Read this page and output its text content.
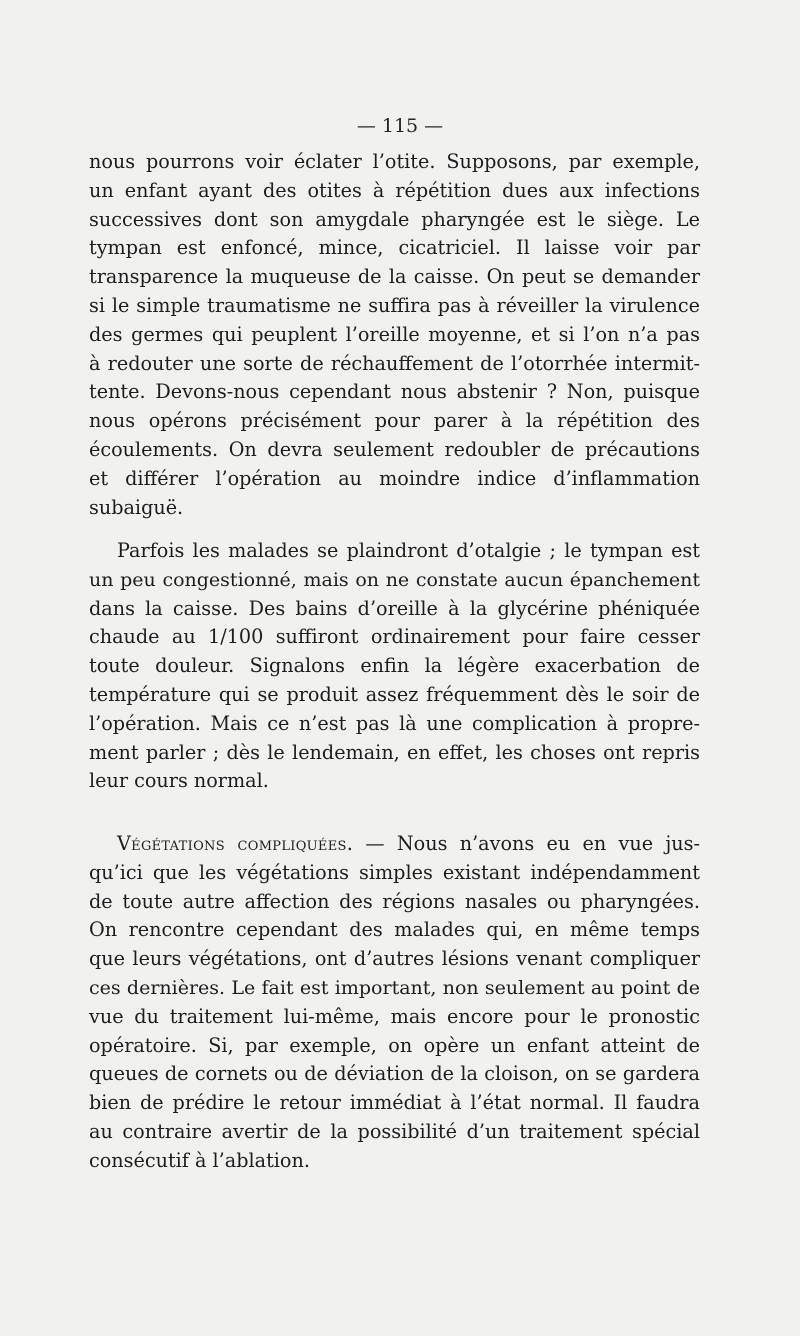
— 115 —
nous pourrons voir éclater l’otite. Supposons, par exemple,
un enfant ayant des otites à répétition dues aux infections
successives dont son amygdale pharyngée est le siège. Le
tympan est enfoncé, mince, cicatriciel. Il laisse voir par
transparence la muqueuse de la caisse. On peut se demander
si le simple traumatisme ne suffira pas à réveiller la virulence
des germes qui peuplent l’oreille moyenne, et si l’on n’a pas
à redouter une sorte de réchauffement de l’otorrhée intermit-
tente. Devons-nous cependant nous abstenir ? Non, puisque
nous opérons précisément pour parer à la répétition des
écoulements. On devra seulement redoubler de précautions
et différer l’opération au moindre indice d’inflammation
subaiguë.
Parfois les malades se plaindront d’otalgie ; le tympan est
un peu congestionné, mais on ne constate aucun épanchement
dans la caisse. Des bains d’oreille à la glycérine phéniquée
chaude au 1/100 suffiront ordinairement pour faire cesser
toute douleur. Signalons enfin la légère exacerbation de
température qui se produit assez fréquemment dès le soir de
l’opération. Mais ce n’est pas là une complication à propre-
ment parler ; dès le lendemain, en effet, les choses ont repris
leur cours normal.
Végétations compliquées. — Nous n’avons eu en vue jus-
qu’ici que les végétations simples existant indépendamment
de toute autre affection des régions nasales ou pharyngées.
On rencontre cependant des malades qui, en même temps
que leurs végétations, ont d’autres lésions venant compliquer
ces dernières. Le fait est important, non seulement au point de
vue du traitement lui-même, mais encore pour le pronostic
opératoire. Si, par exemple, on opère un enfant atteint de
queues de cornets ou de déviation de la cloison, on se gardera
bien de prédire le retour immédiat à l’état normal. Il faudra
au contraire avertir de la possibilité d’un traitement spécial
consécutif à l’ablation.
